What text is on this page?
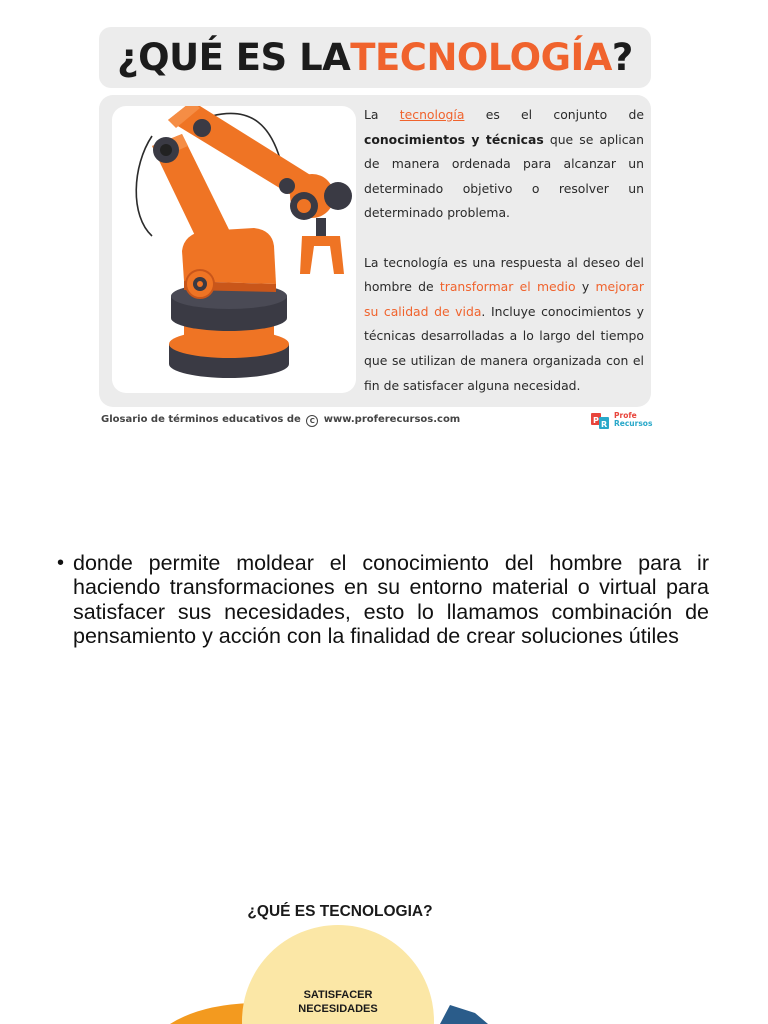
¿QUÉ ES LA TECNOLOGÍA ?

La tecnología es el conjunto de conocimientos y técnicas que se aplican de manera ordenada para alcanzar un determinado objetivo o resolver un determinado problema.

La tecnología es una respuesta al deseo del hombre de transformar el medio y mejorar su calidad de vida. Incluye conocimientos y técnicas desarrolladas a lo largo del tiempo que se utilizan de manera organizada con el fin de satisfacer alguna necesidad.

Glosario de términos educativos de C www.proferecursos.com	P R
Profe
Recursos
• donde permite moldear el conocimiento del hombre para ir haciendo transformaciones en su entorno material o virtual para satisfacer sus necesidades, esto lo llamamos combinación de pensamiento y acción con la finalidad de crear soluciones útiles
¿QUÉ ES TECNOLOGIA?
SATISFACER
NECESIDADES
